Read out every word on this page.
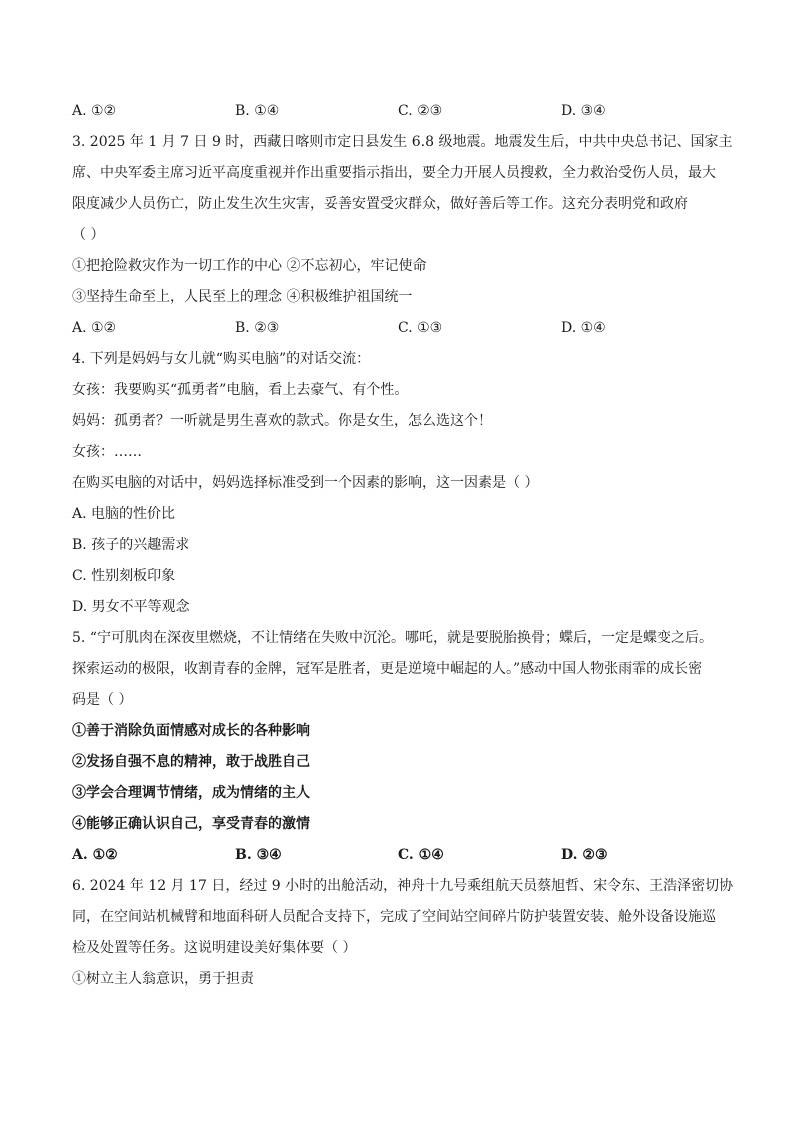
A. ①②	B. ①④	C. ②③	D. ③④
3. 2025 年 1 月 7 日 9 时，西藏日喀则市定日县发生 6.8 级地震。地震发生后，中共中央总书记、国家主
席、中央军委主席习近平高度重视并作出重要指示指出，要全力开展人员搜救，全力救治受伤人员，最大
限度减少人员伤亡，防止发生次生灾害，妥善安置受灾群众，做好善后等工作。这充分表明党和政府
（ ）
①把抢险救灾作为一切工作的中心 ②不忘初心，牢记使命
③坚持生命至上，人民至上的理念 ④积极维护祖国统一
A. ①②	B. ②③	C. ①③	D. ①④
4. 下列是妈妈与女儿就“购买电脑”的对话交流：
女孩：我要购买“孤勇者”电脑，看上去豪气、有个性。
妈妈：孤勇者？一听就是男生喜欢的款式。你是女生，怎么选这个！
女孩：……
在购买电脑的对话中，妈妈选择标准受到一个因素的影响，这一因素是（ ）
A. 电脑的性价比
B. 孩子的兴趣需求
C. 性别刻板印象
D. 男女不平等观念
5. “宁可肌肉在深夜里燃烧，不让情绪在失败中沉沦。哪吒，就是要脱胎换骨；蝶后，一定是蝶变之后。
探索运动的极限，收割青春的金牌，冠军是胜者，更是逆境中崛起的人。”感动中国人物张雨霏的成长密
码是（ ）
①善于消除负面情感对成长的各种影响
②发扬自强不息的精神，敢于战胜自己
③学会合理调节情绪，成为情绪的主人
④能够正确认识自己，享受青春的激情
A. ①②	B. ③④	C. ①④	D. ②③
6. 2024 年 12 月 17 日，经过 9 小时的出舱活动，神舟十九号乘组航天员蔡旭哲、宋令东、王浩泽密切协
同，在空间站机械臂和地面科研人员配合支持下，完成了空间站空间碎片防护装置安装、舱外设备设施巡
检及处置等任务。这说明建设美好集体要（ ）
①树立主人翁意识，勇于担责
